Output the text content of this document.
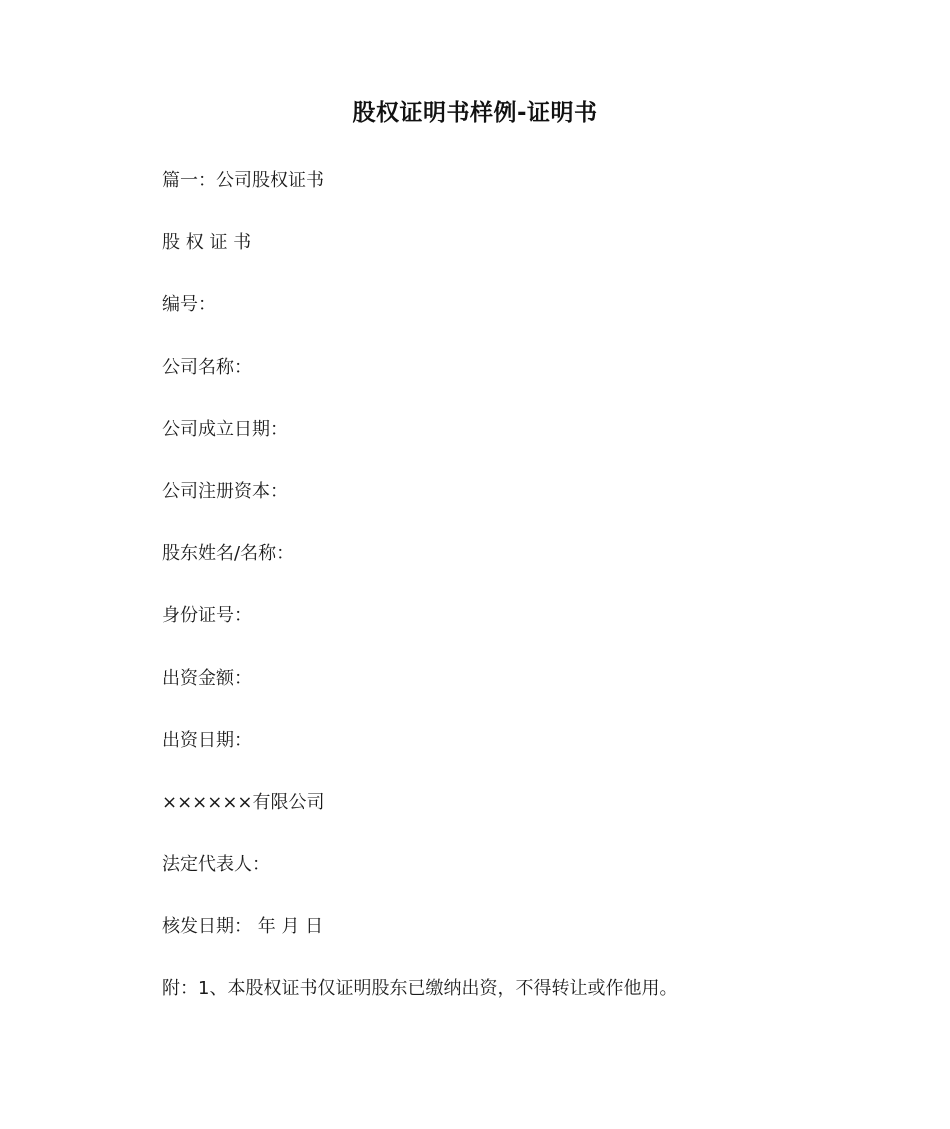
股权证明书样例-证明书
篇一：公司股权证书
股 权 证 书
编号：
公司名称：
公司成立日期：
公司注册资本：
股东姓名/名称：
身份证号：
出资金额：
出资日期：
××××××有限公司
法定代表人：
核发日期： 年 月 日
附：1、本股权证书仅证明股东已缴纳出资，不得转让或作他用。
